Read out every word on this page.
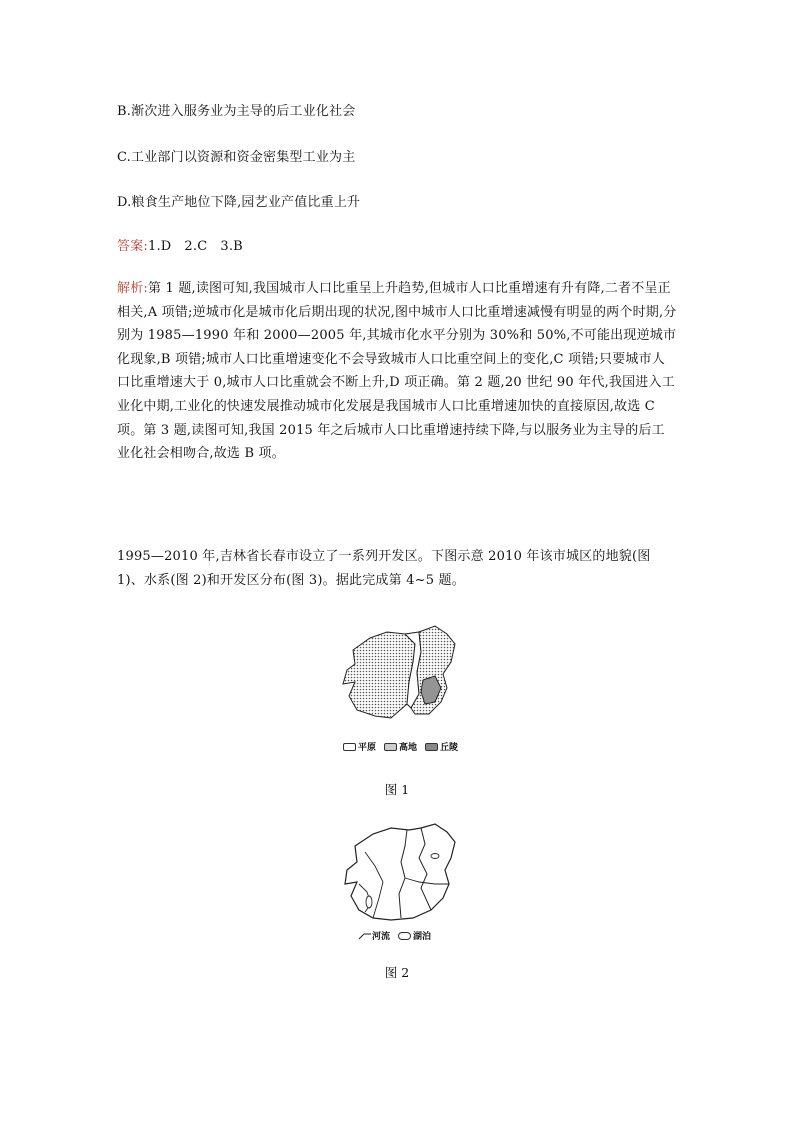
B.渐次进入服务业为主导的后工业化社会
C.工业部门以资源和资金密集型工业为主
D.粮食生产地位下降,园艺业产值比重上升
答案:1.D   2.C   3.B
解析:第 1 题,读图可知,我国城市人口比重呈上升趋势,但城市人口比重增速有升有降,二者不呈正相关,A 项错;逆城市化是城市化后期出现的状况,图中城市人口比重增速减慢有明显的两个时期,分别为 1985—1990 年和 2000—2005 年,其城市化水平分别为 30%和 50%,不可能出现逆城市化现象,B 项错;城市人口比重增速变化不会导致城市人口比重空间上的变化,C 项错;只要城市人口比重增速大于 0,城市人口比重就会不断上升,D 项正确。第 2 题,20 世纪 90 年代,我国进入工业化中期,工业化的快速发展推动城市化发展是我国城市人口比重增速加快的直接原因,故选 C 项。第 3 题,读图可知,我国 2015 年之后城市人口比重增速持续下降,与以服务业为主导的后工业化社会相吻合,故选 B 项。
1995—2010 年,吉林省长春市设立了一系列开发区。下图示意 2010 年该市城区的地貌(图 1)、水系(图 2)和开发区分布(图 3)。据此完成第 4~5 题。
平原	高地	丘陵
图 1
河流	湖泊
图 2
